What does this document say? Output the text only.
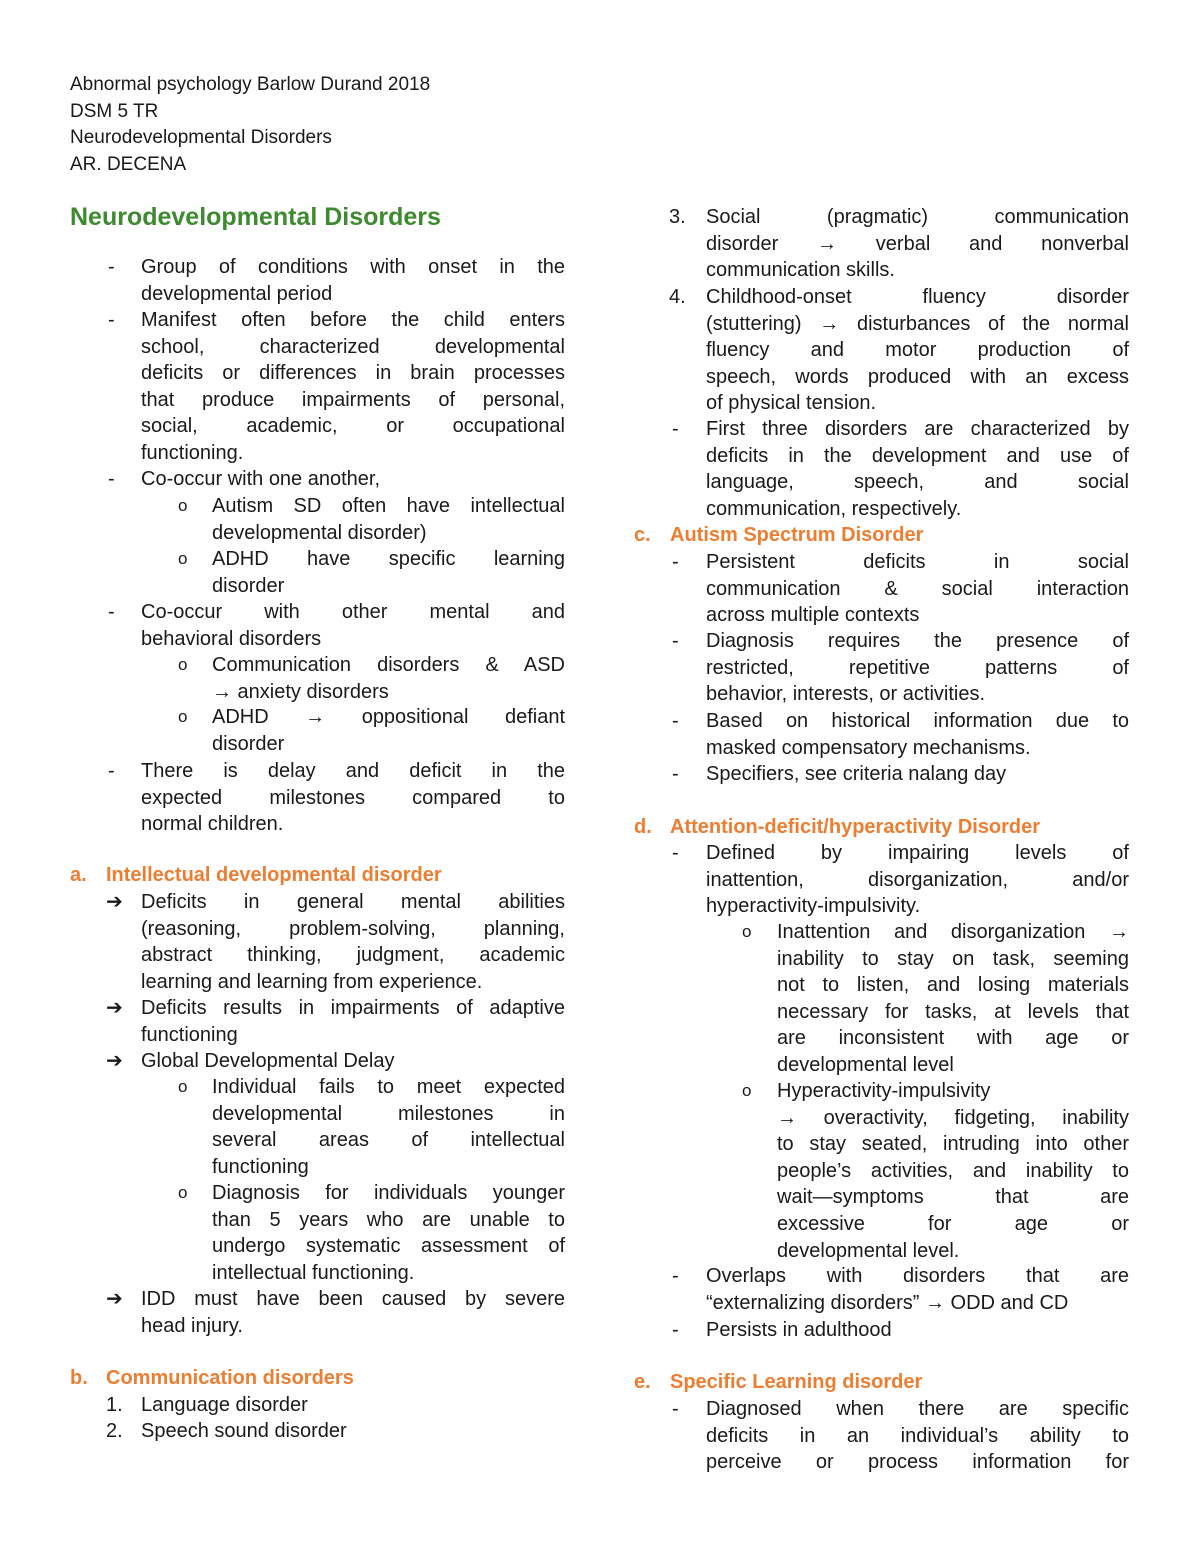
Abnormal psychology Barlow Durand 2018
DSM 5 TR
Neurodevelopmental Disorders
AR. DECENA
Neurodevelopmental Disorders
- Group of conditions with onset in the
developmental period
- Manifest often before the child enters
school, characterized developmental
deficits or differences in brain processes
that produce impairments of personal,
social, academic, or occupational
functioning.
- Co-occur with one another,
o Autism SD often have intellectual
developmental disorder)
o ADHD have specific learning
disorder
- Co-occur with other mental and
behavioral disorders
o Communication disorders & ASD
→ anxiety disorders
o ADHD → oppositional defiant
disorder
- There is delay and deficit in the
expected milestones compared to
normal children.
a. Intellectual developmental disorder
➔ Deficits in general mental abilities
(reasoning, problem-solving, planning,
abstract thinking, judgment, academic
learning and learning from experience.
➔ Deficits results in impairments of adaptive
functioning
➔ Global Developmental Delay
o Individual fails to meet expected
developmental milestones in
several areas of intellectual
functioning
o Diagnosis for individuals younger
than 5 years who are unable to
undergo systematic assessment of
intellectual functioning.
➔ IDD must have been caused by severe
head injury.
b. Communication disorders
1. Language disorder
2. Speech sound disorder
3. Social (pragmatic) communication
disorder → verbal and nonverbal
communication skills.
4. Childhood-onset fluency disorder
(stuttering) → disturbances of the normal
fluency and motor production of
speech, words produced with an excess
of physical tension.
- First three disorders are characterized by
deficits in the development and use of
language, speech, and social
communication, respectively.
c. Autism Spectrum Disorder
- Persistent deficits in social
communication & social interaction
across multiple contexts
- Diagnosis requires the presence of
restricted, repetitive patterns of
behavior, interests, or activities.
- Based on historical information due to
masked compensatory mechanisms.
- Specifiers, see criteria nalang day
d. Attention-deficit/hyperactivity Disorder
- Defined by impairing levels of
inattention, disorganization, and/or
hyperactivity-impulsivity.
o Inattention and disorganization →
inability to stay on task, seeming
not to listen, and losing materials
necessary for tasks, at levels that
are inconsistent with age or
developmental level
o Hyperactivity-impulsivity
→ overactivity, fidgeting, inability
to stay seated, intruding into other
people’s activities, and inability to
wait—symptoms that are
excessive for age or
developmental level.
- Overlaps with disorders that are
“externalizing disorders” → ODD and CD
- Persists in adulthood
e. Specific Learning disorder
- Diagnosed when there are specific
deficits in an individual’s ability to
perceive or process information for
